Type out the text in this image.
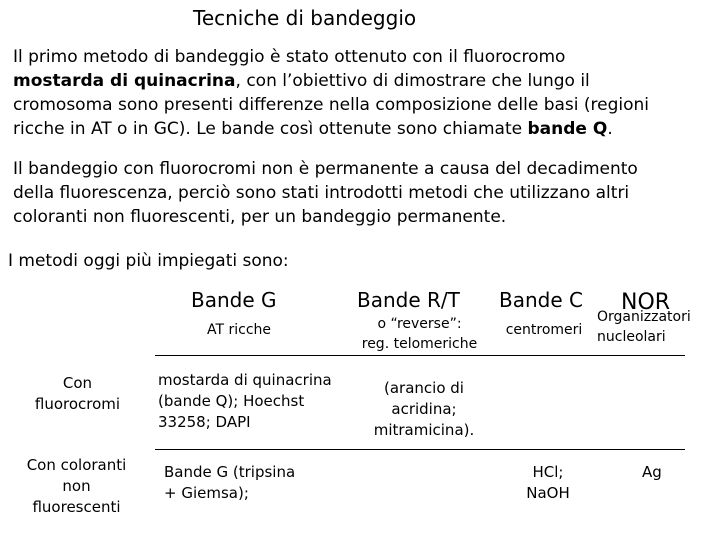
Tecniche di bandeggio
Il primo metodo di bandeggio è stato ottenuto con il fluorocromo
mostarda di quinacrina, con l’obiettivo di dimostrare che lungo il
cromosoma sono presenti differenze nella composizione delle basi (regioni
ricche in AT o in GC). Le bande così ottenute sono chiamate bande Q.
Il bandeggio con fluorocromi non è permanente a causa del decadimento
della fluorescenza, perciò sono stati introdotti metodi che utilizzano altri
coloranti non fluorescenti, per un bandeggio permanente.
I metodi oggi più impiegati sono:
Bande G
AT ricche
Bande R/T
o “reverse”:
reg. telomeriche
Bande C
centromeri
NOR
Organizzatori
nucleolari
Con
fluorocromi
mostarda di quinacrina
(bande Q); Hoechst
33258; DAPI
(arancio di
acridina;
mitramicina).
Con coloranti
non
fluorescenti
Bande G (tripsina
+ Giemsa);
HCl;
NaOH
Ag
